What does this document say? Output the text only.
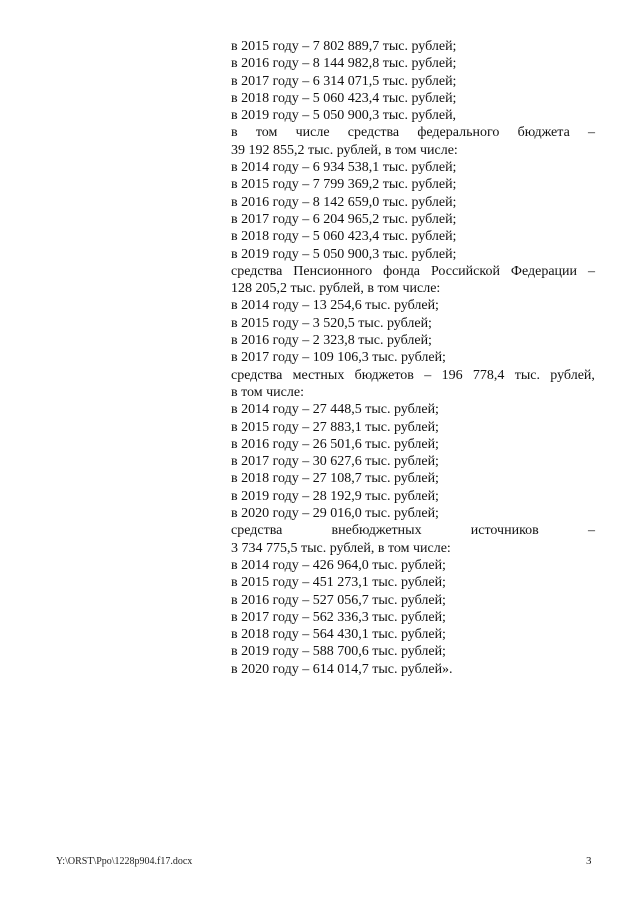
в 2015 году – 7 802 889,7 тыс. рублей;
в 2016 году – 8 144 982,8 тыс. рублей;
в 2017 году – 6 314 071,5 тыс. рублей;
в 2018 году – 5 060 423,4 тыс. рублей;
в 2019 году – 5 050 900,3 тыс. рублей,
в том числе средства федерального бюджета –
39 192 855,2 тыс. рублей, в том числе:
в 2014 году – 6 934 538,1 тыс. рублей;
в 2015 году – 7 799 369,2 тыс. рублей;
в 2016 году – 8 142 659,0 тыс. рублей;
в 2017 году – 6 204 965,2 тыс. рублей;
в 2018 году – 5 060 423,4 тыс. рублей;
в 2019 году – 5 050 900,3 тыс. рублей;
средства Пенсионного фонда Российской Федерации –
128 205,2 тыс. рублей, в том числе:
в 2014 году – 13 254,6 тыс. рублей;
в 2015 году – 3 520,5 тыс. рублей;
в 2016 году – 2 323,8 тыс. рублей;
в 2017 году – 109 106,3 тыс. рублей;
средства местных бюджетов – 196 778,4 тыс. рублей,
в том числе:
в 2014 году – 27 448,5 тыс. рублей;
в 2015 году – 27 883,1 тыс. рублей;
в 2016 году – 26 501,6 тыс. рублей;
в 2017 году – 30 627,6 тыс. рублей;
в 2018 году – 27 108,7 тыс. рублей;
в 2019 году – 28 192,9 тыс. рублей;
в 2020 году – 29 016,0 тыс. рублей;
средства	внебюджетных	источников	–
3 734 775,5 тыс. рублей, в том числе:
в 2014 году – 426 964,0 тыс. рублей;
в 2015 году – 451 273,1 тыс. рублей;
в 2016 году – 527 056,7 тыс. рублей;
в 2017 году – 562 336,3 тыс. рублей;
в 2018 году – 564 430,1 тыс. рублей;
в 2019 году – 588 700,6 тыс. рублей;
в 2020 году – 614 014,7 тыс. рублей».
Y:\ORST\Ppo\1228p904.f17.docx	3
